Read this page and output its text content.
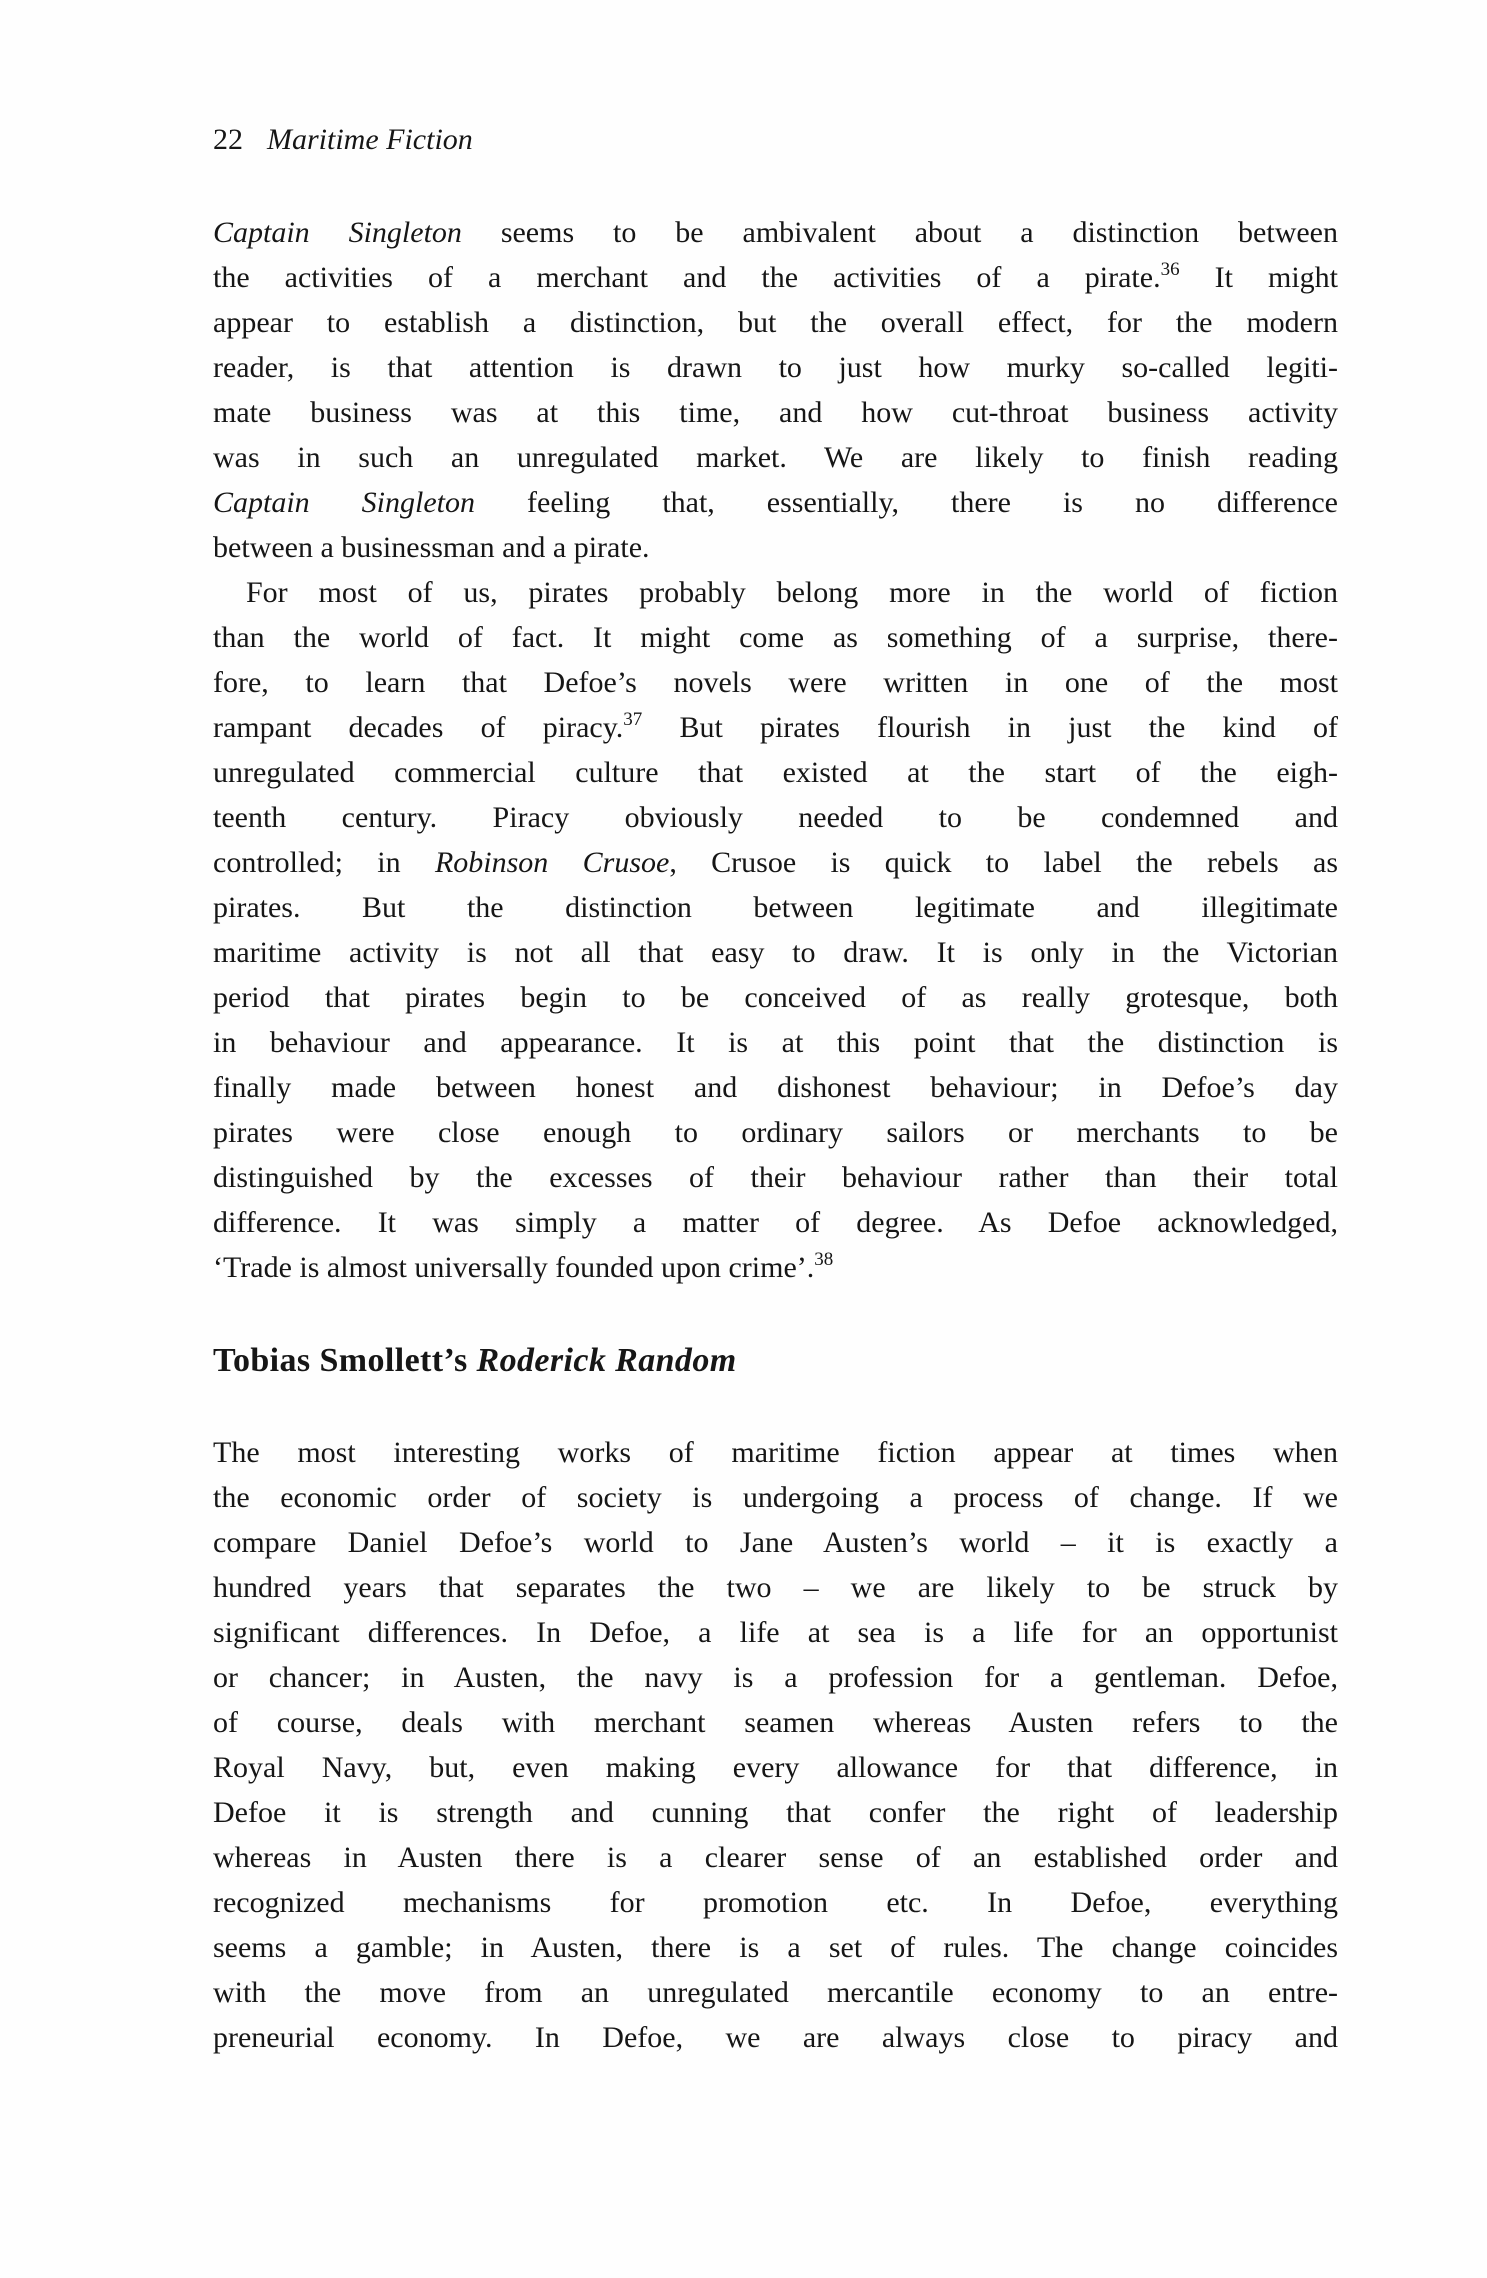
22 Maritime Fiction
Captain Singleton seems to be ambivalent about a distinction between
the activities of a merchant and the activities of a pirate.$^{36}$ It might
appear to establish a distinction, but the overall effect, for the modern
reader, is that attention is drawn to just how murky so-called legiti-
mate business was at this time, and how cut-throat business activity
was in such an unregulated market. We are likely to finish reading
Captain Singleton feeling that, essentially, there is no difference
between a businessman and a pirate.
For most of us, pirates probably belong more in the world of fiction
than the world of fact. It might come as something of a surprise, there-
fore, to learn that Defoe’s novels were written in one of the most
rampant decades of piracy.$^{37}$ But pirates flourish in just the kind of
unregulated commercial culture that existed at the start of the eigh-
teenth century. Piracy obviously needed to be condemned and
controlled; in Robinson Crusoe, Crusoe is quick to label the rebels as
pirates. But the distinction between legitimate and illegitimate
maritime activity is not all that easy to draw. It is only in the Victorian
period that pirates begin to be conceived of as really grotesque, both
in behaviour and appearance. It is at this point that the distinction is
finally made between honest and dishonest behaviour; in Defoe’s day
pirates were close enough to ordinary sailors or merchants to be
distinguished by the excesses of their behaviour rather than their total
difference. It was simply a matter of degree. As Defoe acknowledged,
‘Trade is almost universally founded upon crime’.$^{38}$
Tobias Smollett’s Roderick Random
The most interesting works of maritime fiction appear at times when
the economic order of society is undergoing a process of change. If we
compare Daniel Defoe’s world to Jane Austen’s world – it is exactly a
hundred years that separates the two – we are likely to be struck by
significant differences. In Defoe, a life at sea is a life for an opportunist
or chancer; in Austen, the navy is a profession for a gentleman. Defoe,
of course, deals with merchant seamen whereas Austen refers to the
Royal Navy, but, even making every allowance for that difference, in
Defoe it is strength and cunning that confer the right of leadership
whereas in Austen there is a clearer sense of an established order and
recognized mechanisms for promotion etc. In Defoe, everything
seems a gamble; in Austen, there is a set of rules. The change coincides
with the move from an unregulated mercantile economy to an entre-
preneurial economy. In Defoe, we are always close to piracy and
